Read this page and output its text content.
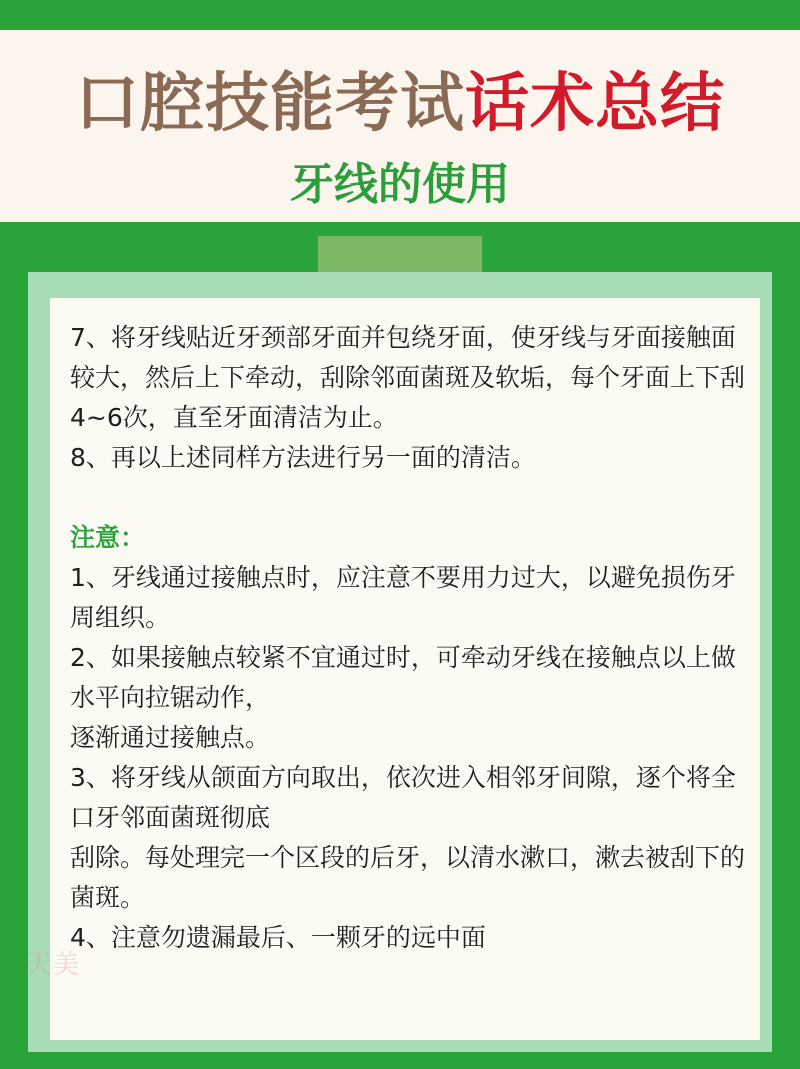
口腔技能考试话术总结
牙线的使用

7、将牙线贴近牙颈部牙面并包绕牙面，使牙线与牙面接触面较大，然后上下牵动，刮除邻面菌斑及软垢，每个牙面上下刮4~6次，直至牙面清洁为止。

8、再以上述同样方法进行另一面的清洁。

注意：

1、牙线通过接触点时，应注意不要用力过大，以避免损伤牙周组织。

2、如果接触点较紧不宜通过时，可牵动牙线在接触点以上做水平向拉锯动作，

逐渐通过接触点。

3、将牙线从颌面方向取出，依次进入相邻牙间隙，逐个将全口牙邻面菌斑彻底

刮除。每处理完一个区段的后牙，以清水漱口，漱去被刮下的菌斑。

4、注意勿遗漏最后、一颗牙的远中面

天美
